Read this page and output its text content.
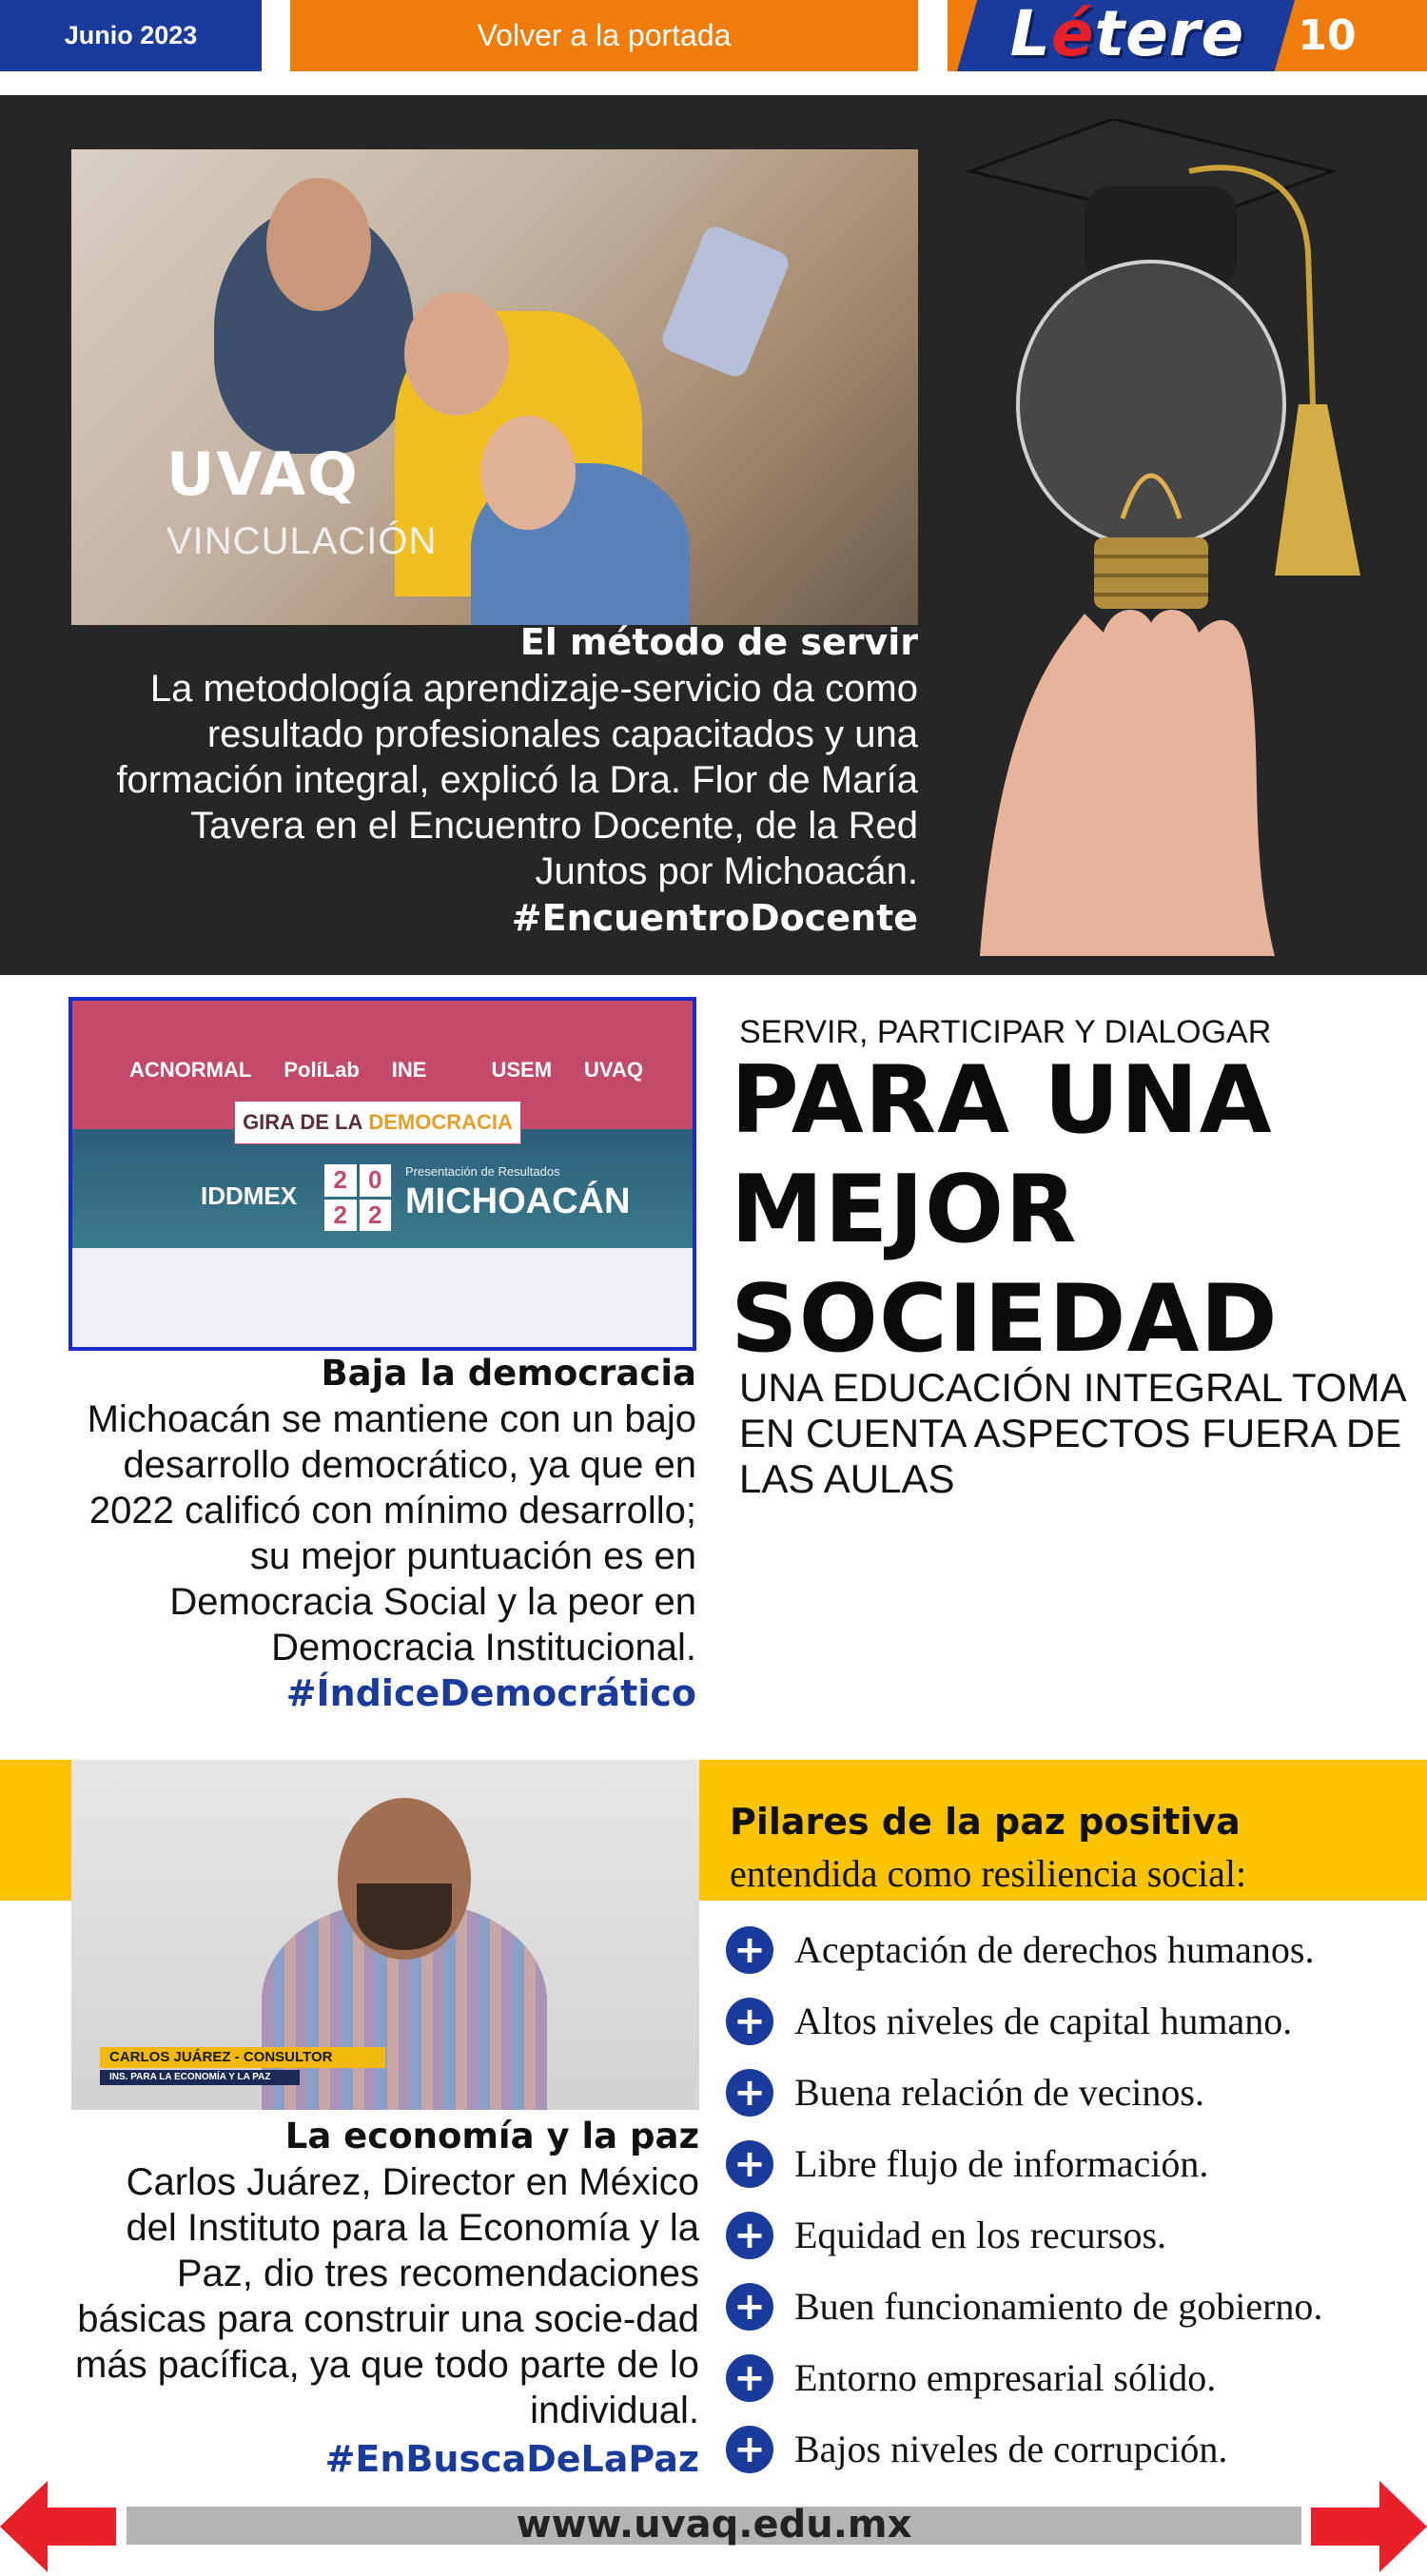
Junio 2023	Volver a la portada	Létere	10
UVAQ
VINCULACIÓN
El método de servir
La metodología aprendizaje-servicio da como resultado profesionales capacitados y una formación integral, explicó la Dra. Flor de María Tavera en el Encuentro Docente, de la Red Juntos por Michoacán.
#EncuentroDocente
ACNORMAL PolíLab INE	USEM UVAQ
GIRA DE LA DEMOCRACIA
IDDMEX
2 0
2 2
Presentación de Resultados
MICHOACÁN
Baja la democracia
Michoacán se mantiene con un bajo desarrollo democrático, ya que en 2022 calificó con mínimo desarrollo; su mejor puntuación es en Democracia Social y la peor en Democracia Institucional.
#ÍndiceDemocrático
SERVIR, PARTICIPAR Y DIALOGAR
PARA UNA
MEJOR
SOCIEDAD
UNA EDUCACIÓN INTEGRAL TOMA EN CUENTA ASPECTOS FUERA DE LAS AULAS
CARLOS JUÁREZ - CONSULTOR
INS. PARA LA ECONOMÍA Y LA PAZ
La economía y la paz
Carlos Juárez, Director en México del Instituto para la Economía y la Paz, dio tres recomendaciones básicas para construir una socie-dad más pacífica, ya que todo parte de lo individual.
#EnBuscaDeLaPaz
Pilares de la paz positiva
entendida como resiliencia social:
+ Aceptación de derechos humanos.
+ Altos niveles de capital humano.
+ Buena relación de vecinos.
+ Libre flujo de información.
+ Equidad en los recursos.
+ Buen funcionamiento de gobierno.
+ Entorno empresarial sólido.
+ Bajos niveles de corrupción.
www.uvaq.edu.mx
